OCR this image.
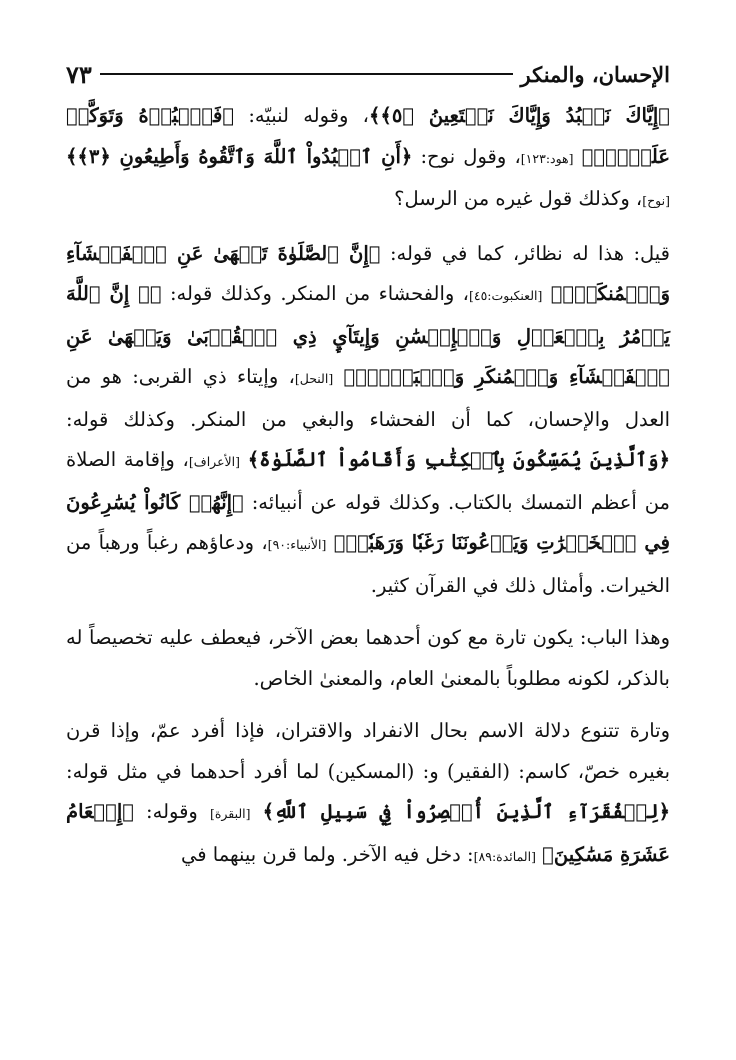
الإحسان، والمنكر
٧٣

﴿إِيَّاكَ نَعۡبُدُ وَإِيَّاكَ نَسۡتَعِينُ ﴿٥﴾﴾، وقوله لنبيّه: ﴿فَٱعۡبُدۡهُ وَتَوَكَّلۡ عَلَيۡهِۚ﴾ [هود:١٢٣]، وقول نوح: ﴿أَنِ ٱعۡبُدُواْ ٱللَّهَ وَٱتَّقُوهُ وَأَطِيعُونِ ﴿٣﴾﴾ [نوح]، وكذلك قول غيره من الرسل؟

قيل: هذا له نظائر، كما في قوله: ﴿إِنَّ ٱلصَّلَوٰةَ تَنۡهَىٰ عَنِ ٱلۡفَحۡشَآءِ وَٱلۡمُنكَرِۗ﴾ [العنكبوت:٤٥]، والفحشاء من المنكر. وكذلك قوله: ﴿۞ إِنَّ ٱللَّهَ يَأۡمُرُ بِٱلۡعَدۡلِ وَٱلۡإِحۡسَٰنِ وَإِيتَآيِٕ ذِي ٱلۡقُرۡبَىٰ وَيَنۡهَىٰ عَنِ ٱلۡفَحۡشَآءِ وَٱلۡمُنكَرِ وَٱلۡبَغۡيِۚ﴾ [النحل]، وإيتاء ذي القربى: هو من العدل والإحسان، كما أن الفحشاء والبغي من المنكر. وكذلك قوله: ﴿وَٱلَّذِينَ يُمَسِّكُونَ بِٱلۡكِتَٰبِ وَأَقَامُواْ ٱلصَّلَوٰةَ﴾ [الأعراف]، وإقامة الصلاة من أعظم التمسك بالكتاب. وكذلك قوله عن أنبيائه: ﴿إِنَّهُمۡ كَانُواْ يُسَٰرِعُونَ فِي ٱلۡخَيۡرَٰتِ وَيَدۡعُونَنَا رَغَبٗا وَرَهَبٗاۖ﴾ [الأنبياء:٩٠]، ودعاؤهم رغباً ورهباً من الخيرات. وأمثال ذلك في القرآن كثير.

وهذا الباب: يكون تارة مع كون أحدهما بعض الآخر، فيعطف عليه تخصيصاً له بالذكر، لكونه مطلوباً بالمعنىٰ العام، والمعنىٰ الخاص.

وتارة تتنوع دلالة الاسم بحال الانفراد والاقتران، فإذا أفرد عمّ، وإذا قرن بغيره خصّ، كاسم: (الفقير) و: (المسكين) لما أفرد أحدهما في مثل قوله: ﴿لِلۡفُقَرَآءِ ٱلَّذِينَ أُحۡصِرُواْ فِي سَبِيلِ ٱللَّهِ﴾ [البقرة] وقوله: ﴿إِطۡعَامُ عَشَرَةِ مَسَٰكِينَ﴾ [المائدة:٨٩]: دخل فيه الآخر. ولما قرن بينهما في
